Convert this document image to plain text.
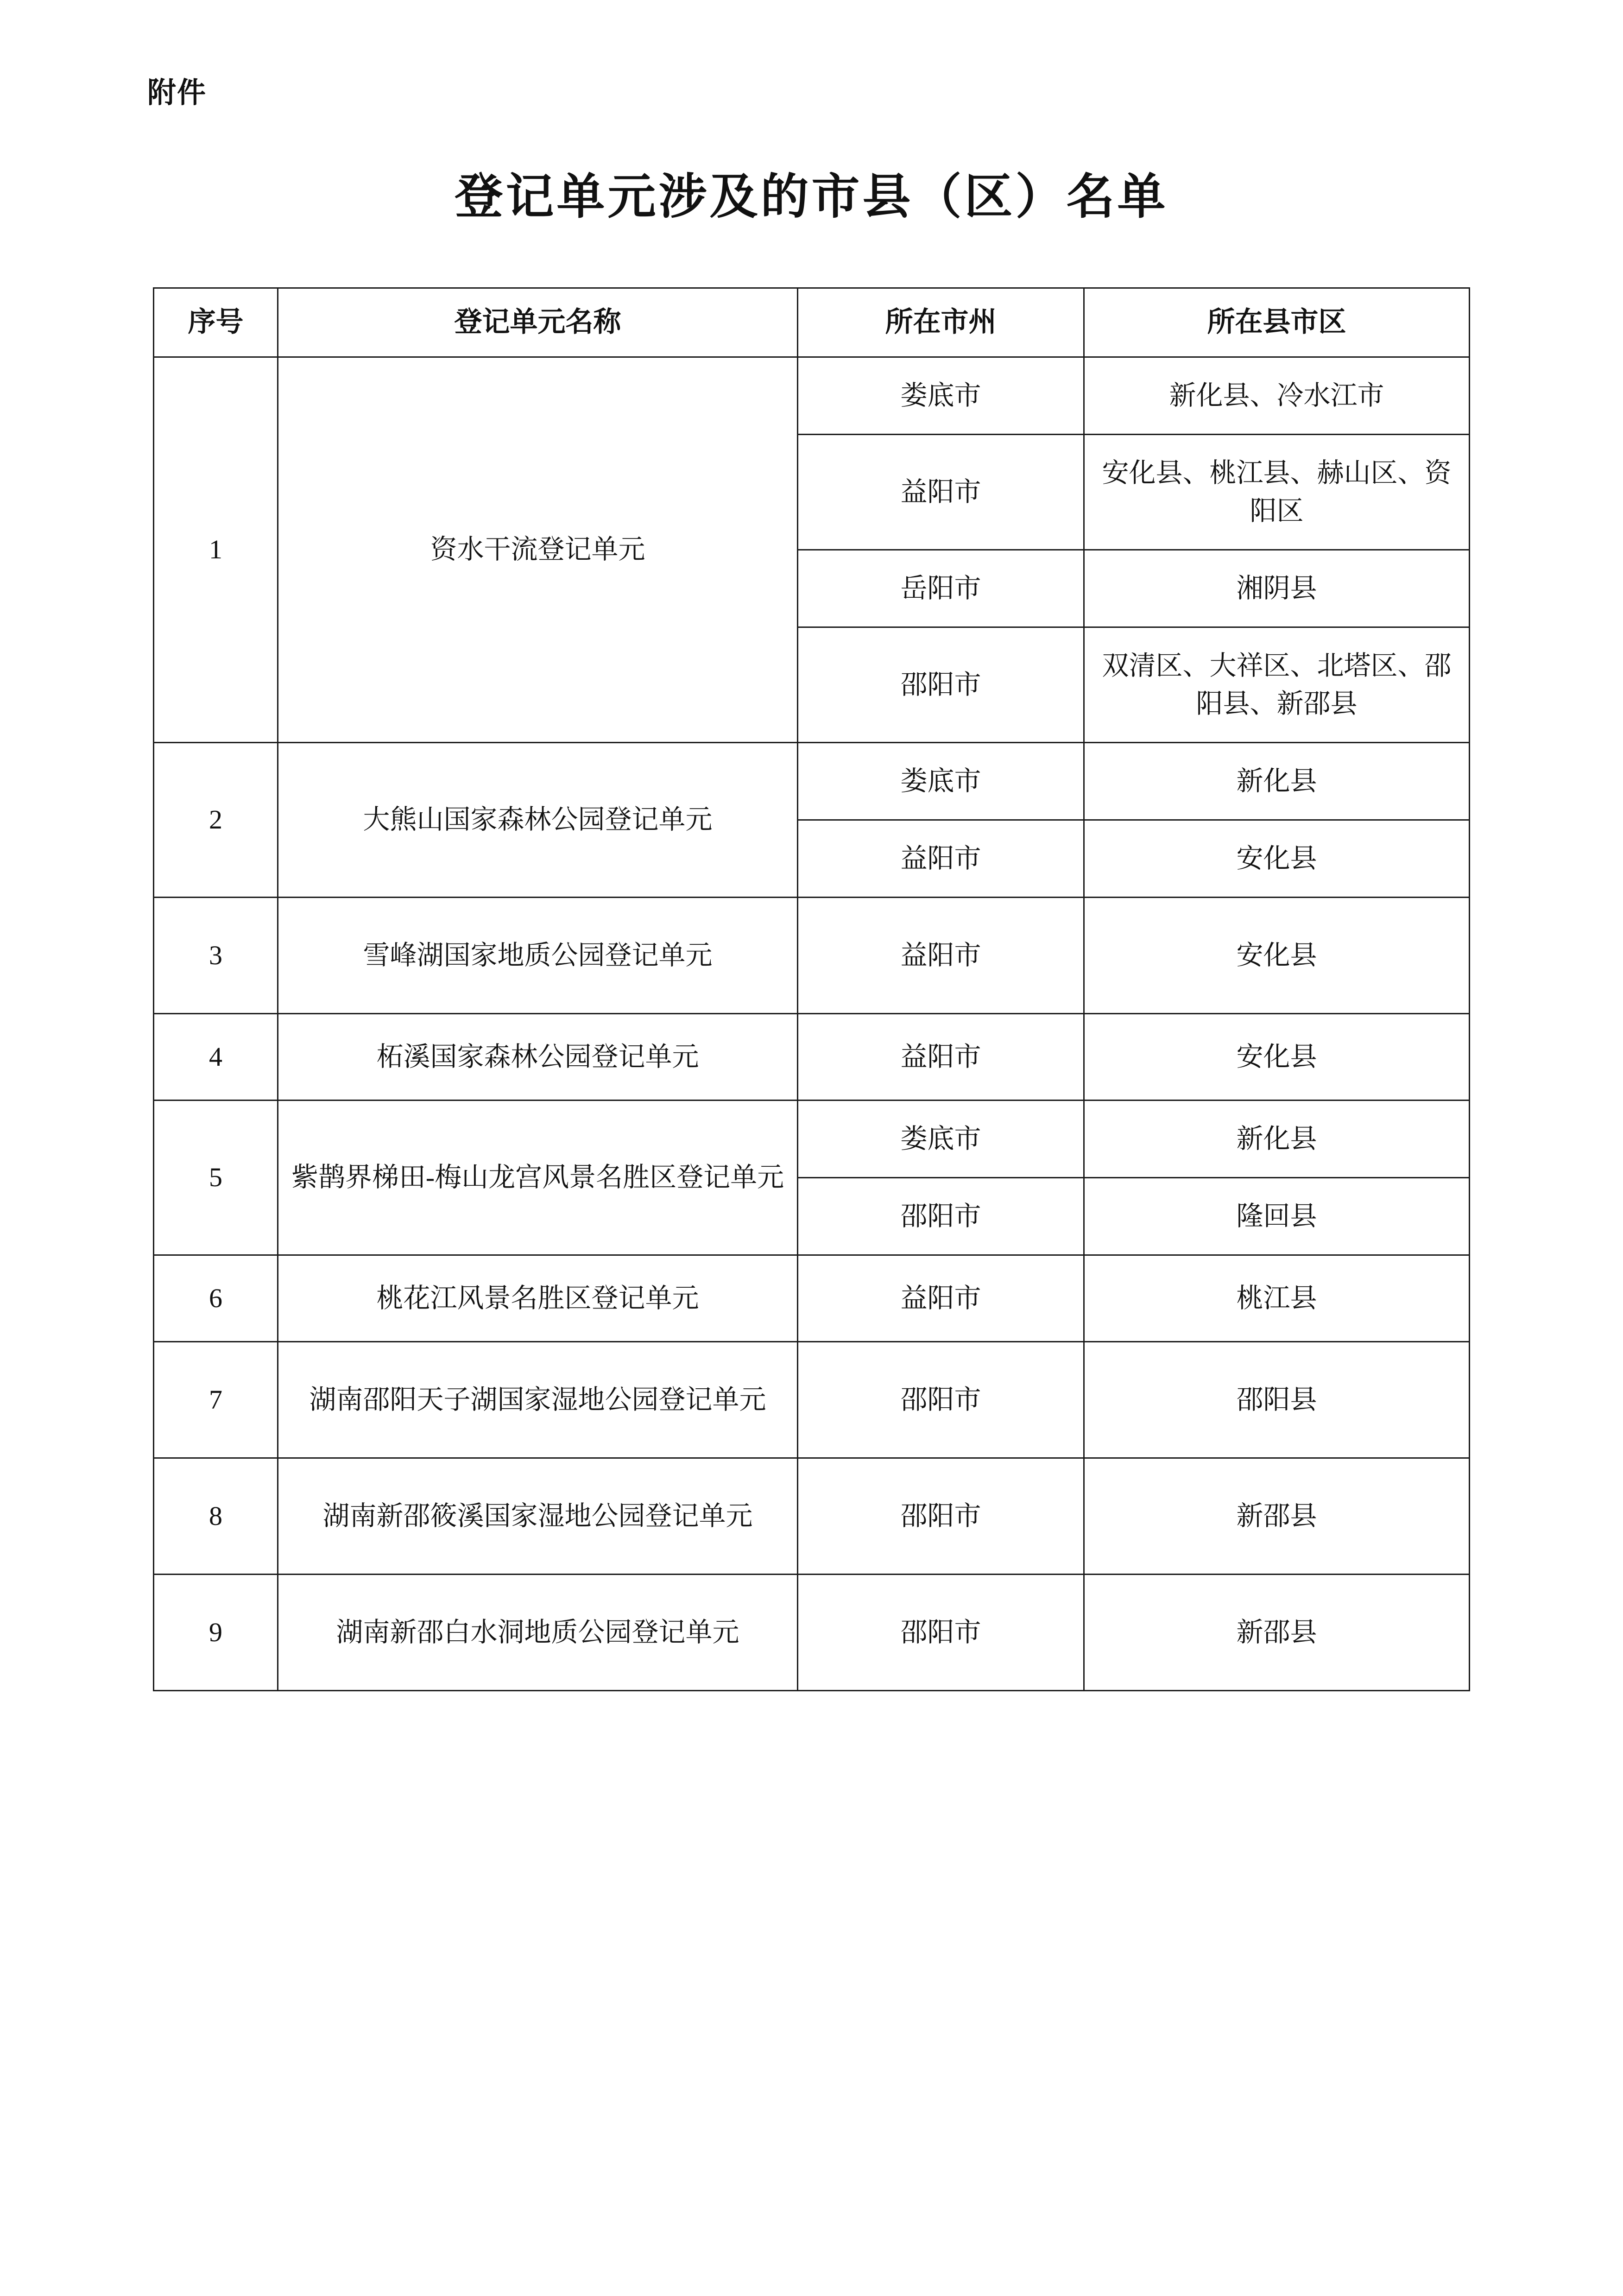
附件
登记单元涉及的市县（区）名单
序号	登记单元名称	所在市州	所在县市区
1	资水干流登记单元	娄底市	新化县、冷水江市
		益阳市	安化县、桃江县、赫山区、资阳区
		岳阳市	湘阴县
		邵阳市	双清区、大祥区、北塔区、邵阳县、新邵县
2	大熊山国家森林公园登记单元	娄底市	新化县
		益阳市	安化县
3	雪峰湖国家地质公园登记单元	益阳市	安化县
4	柘溪国家森林公园登记单元	益阳市	安化县
5	紫鹊界梯田-梅山龙宫风景名胜区登记单元	娄底市	新化县
		邵阳市	隆回县
6	桃花江风景名胜区登记单元	益阳市	桃江县
7	湖南邵阳天子湖国家湿地公园登记单元	邵阳市	邵阳县
8	湖南新邵筱溪国家湿地公园登记单元	邵阳市	新邵县
9	湖南新邵白水洞地质公园登记单元	邵阳市	新邵县
